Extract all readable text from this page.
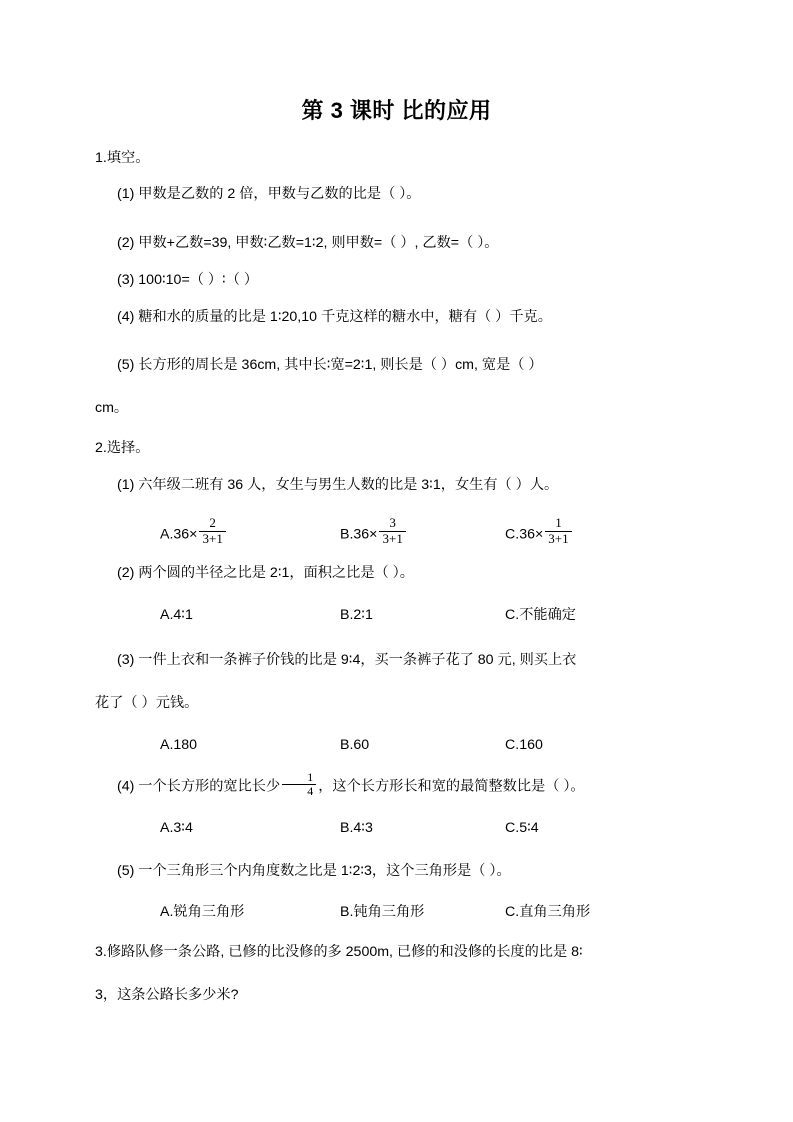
第 3 课时 比的应用
1.填空。
(1) 甲数是乙数的 2 倍，甲数与乙数的比是（ ）。
(2) 甲数+乙数=39, 甲数∶乙数=1∶2, 则甲数=（ ）, 乙数=（ ）。
(3) 100∶10=（ ）∶（ ）
(4) 糖和水的质量的比是 1∶20,10 千克这样的糖水中，糖有（ ）千克。
(5) 长方形的周长是 36cm, 其中长∶宽=2∶1, 则长是（ ）cm, 宽是（ ）
cm。
2.选择。
(1) 六年级二班有 36 人，女生与男生人数的比是 3∶1，女生有（ ）人。
$A.36\times \frac{2}{3+1}$	$B.36\times \frac{3}{3+1}$	$C.36\times \frac{1}{3+1}$
(2) 两个圆的半径之比是 2∶1，面积之比是（ ）。
A.4∶1	B.2∶1	C.不能确定
(3) 一件上衣和一条裤子价钱的比是 9∶4，买一条裤子花了 80 元, 则买上衣
花了（ ）元钱。
A.180	B.60	C.160
(4) 一个长方形的宽比长少 $\frac{1}{4}$ ，这个长方形长和宽的最简整数比是（ ）。
A.3∶4	B.4∶3	C.5∶4
(5) 一个三角形三个内角度数之比是 1∶2∶3，这个三角形是（ ）。
A.锐角三角形	B.钝角三角形	C.直角三角形
3.修路队修一条公路, 已修的比没修的多 2500m, 已修的和没修的长度的比是 8∶
3，这条公路长多少米?
